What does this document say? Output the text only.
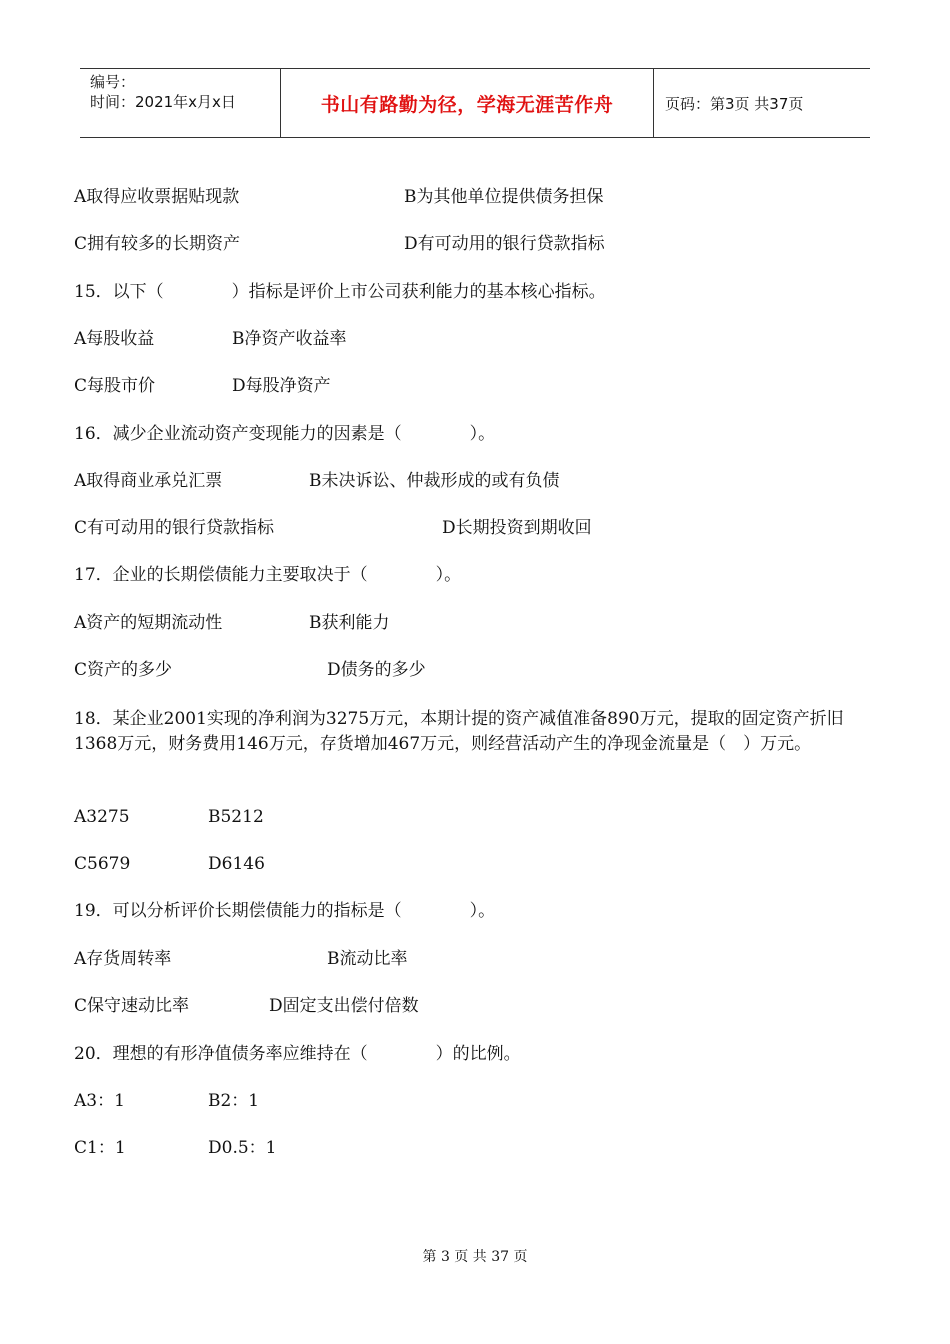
编号：
时间：2021年x月x日	书山有路勤为径，学海无涯苦作舟	页码：第3页 共37页
A取得应收票据贴现款	B为其他单位提供债务担保
C拥有较多的长期资产	D有可动用的银行贷款指标
15．以下（　　　　）指标是评价上市公司获利能力的基本核心指标。
A每股收益	B净资产收益率
C每股市价	D每股净资产
16．减少企业流动资产变现能力的因素是（　　　　）。
A取得商业承兑汇票	B未决诉讼、仲裁形成的或有负债
C有可动用的银行贷款指标	D长期投资到期收回
17．企业的长期偿债能力主要取决于（　　　　）。
A资产的短期流动性	B获利能力
C资产的多少	D债务的多少
18．某企业2001实现的净利润为3275万元，本期计提的资产减值准备890万元，提取的固定资产折旧1368万元，财务费用146万元，存货增加467万元，则经营活动产生的净现金流量是（　）万元。
A3275	B5212
C5679	D6146
19．可以分析评价长期偿债能力的指标是（　　　　）。
A存货周转率	B流动比率
C保守速动比率	D固定支出偿付倍数
20．理想的有形净值债务率应维持在（　　　　）的比例。
A3：1	B2：1
C1：1	D0.5：1
第 3 页 共 37 页
